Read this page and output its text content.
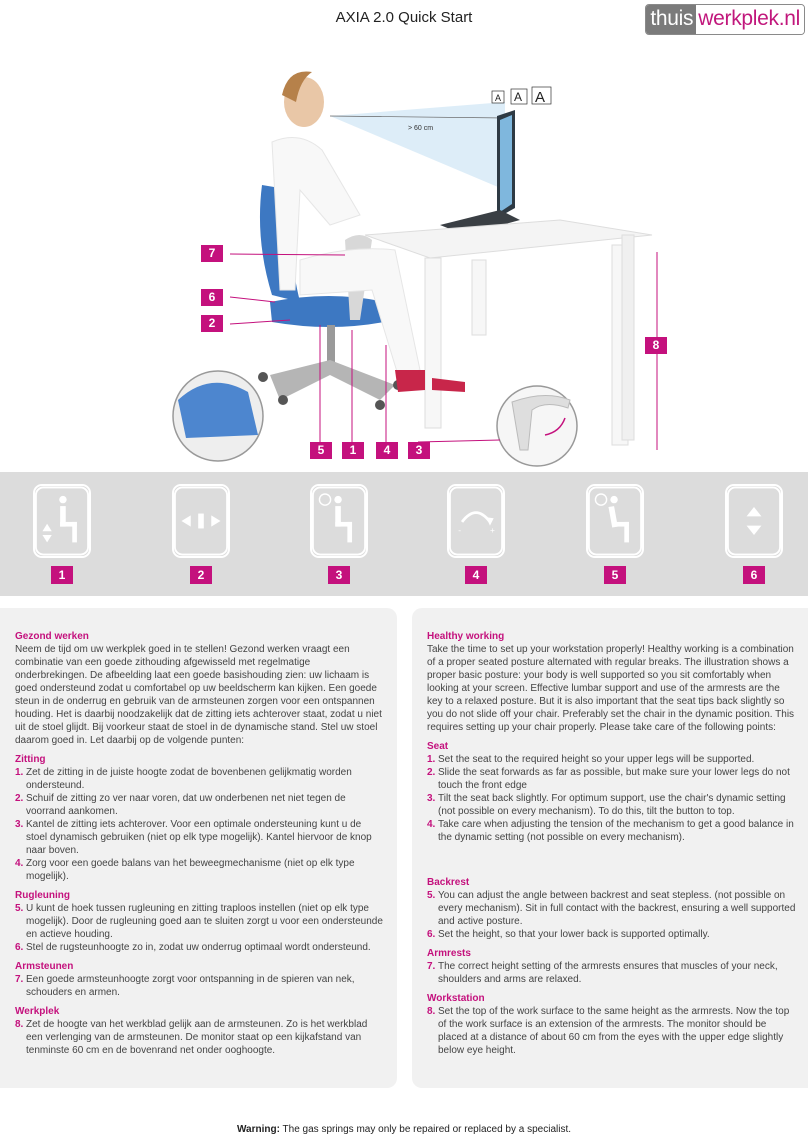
AXIA 2.0 Quick Start	thuis werkplek.nl
> 60 cm
A A A
7
6
2
5	1	4	3
8
1	2	3
-	+
4	5	6
Gezond werken

Neem de tijd om uw werkplek goed in te stellen! Gezond werken vraagt een combinatie van een goede zithouding afgewisseld met regelmatige onderbrekingen. De afbeelding laat een goede basishouding zien: uw lichaam is goed ondersteund zodat u comfortabel op uw beeldscherm kan kijken. Een goede steun in de onderrug en gebruik van de armsteunen zorgen voor een ontspannen houding. Het is daarbij noodzakelijk dat de zitting iets achterover staat, zodat u niet uit de stoel glijdt. Bij voorkeur staat de stoel in de dynamische stand. Stel uw stoel daarom goed in. Let daarbij op de volgende punten:

Zitting
1. Zet de zitting in de juiste hoogte zodat de bovenbenen gelijkmatig worden ondersteund.
2. Schuif de zitting zo ver naar voren, dat uw onderbenen net niet tegen de voorrand aankomen.
3. Kantel de zitting iets achterover. Voor een optimale ondersteuning kunt u de stoel dynamisch gebruiken (niet op elk type mogelijk). Kantel hiervoor de knop naar boven.
4. Zorg voor een goede balans van het beweegmechanisme (niet op elk type mogelijk).
Rugleuning
5. U kunt de hoek tussen rugleuning en zitting traploos instellen (niet op elk type mogelijk). Door de rugleuning goed aan te sluiten zorgt u voor een ondersteunde en actieve houding.
6. Stel de rugsteunhoogte zo in, zodat uw onderrug optimaal wordt ondersteund.
Armsteunen
7. Een goede armsteunhoogte zorgt voor ontspanning in de spieren van nek, schouders en armen.
Werkplek
8. Zet de hoogte van het werkblad gelijk aan de armsteunen. Zo is het werkblad een verlenging van de armsteunen. De monitor staat op een kijkafstand van tenminste 60 cm en de bovenrand net onder ooghoogte.
Healthy working

Take the time to set up your workstation properly! Healthy working is a combination of a proper seated posture alternated with regular breaks. The illustration shows a proper basic posture: your body is well supported so you sit comfortably when looking at your screen. Effective lumbar support and use of the armrests are the key to a relaxed posture. But it is also important that the seat tips back slightly so you do not slide off your chair. Preferably set the chair in the dynamic position. This requires setting up your chair properly. Please take care of the following points:

Seat
1. Set the seat to the required height so your upper legs will be supported.
2. Slide the seat forwards as far as possible, but make sure your lower legs do not touch the front edge
3. Tilt the seat back slightly. For optimum support, use the chair's dynamic setting (not possible on every mechanism). To do this, tilt the button to top.
4. Take care when adjusting the tension of the mechanism to get a good balance in the dynamic setting (not possible on every mechanism).
Backrest
5. You can adjust the angle between backrest and seat stepless. (not possible on every mechanism). Sit in full contact with the backrest, ensuring a well supported and active posture.
6. Set the height, so that your lower back is supported optimally.
Armrests
7. The correct height setting of the armrests ensures that muscles of your neck, shoulders and arms are relaxed.
Workstation
8. Set the top of the work surface to the same height as the armrests. Now the top of the work surface is an extension of the armrests. The monitor should be placed at a distance of about 60 cm from the eyes with the upper edge slightly below eye height.
Warning: The gas springs may only be repaired or replaced by a specialist.
